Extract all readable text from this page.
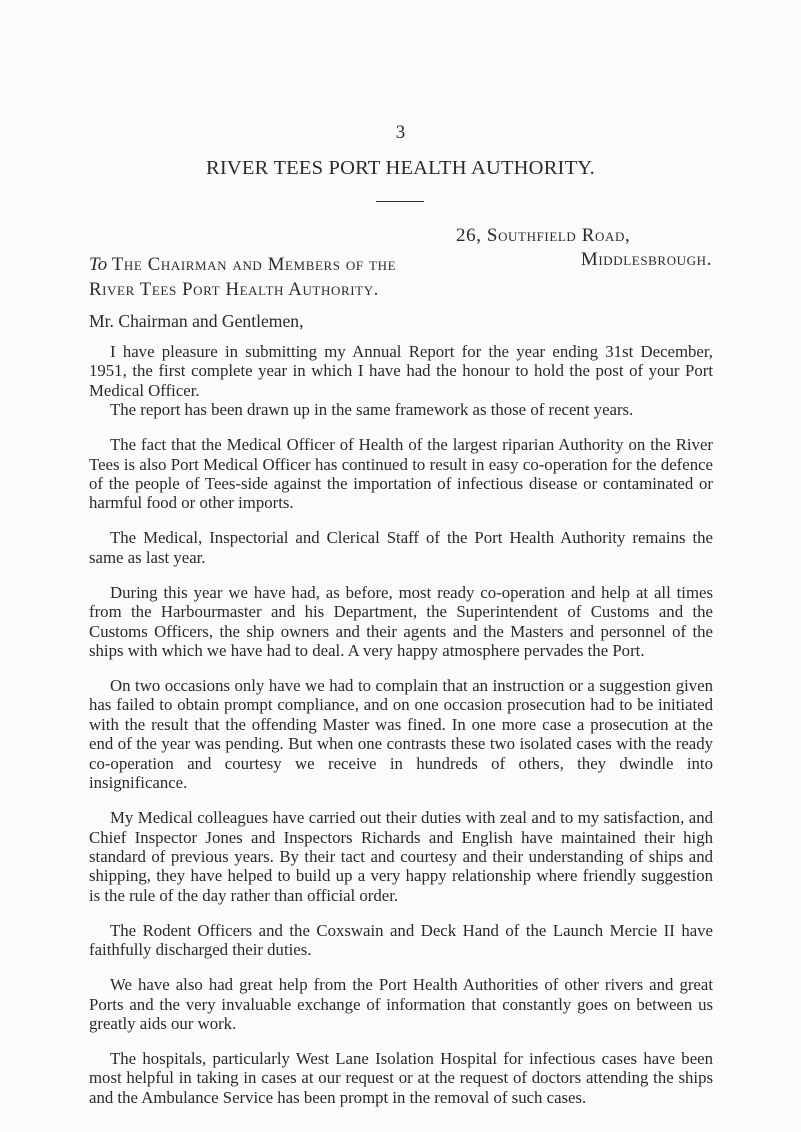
3
RIVER TEES PORT HEALTH AUTHORITY.
26, Southfield Road,
Middlesbrough.
To The Chairman and Members of the
River Tees Port Health Authority.
Mr. Chairman and Gentlemen,

I have pleasure in submitting my Annual Report for the year ending 31st December, 1951, the first complete year in which I have had the honour to hold the post of your Port Medical Officer.

The report has been drawn up in the same framework as those of recent years.

The fact that the Medical Officer of Health of the largest riparian Authority on the River Tees is also Port Medical Officer has continued to result in easy co-operation for the defence of the people of Tees-side against the importation of infectious disease or contaminated or harmful food or other imports.

The Medical, Inspectorial and Clerical Staff of the Port Health Authority remains the same as last year.

During this year we have had, as before, most ready co-operation and help at all times from the Harbourmaster and his Department, the Superintendent of Customs and the Customs Officers, the ship owners and their agents and the Masters and personnel of the ships with which we have had to deal. A very happy atmosphere pervades the Port.

On two occasions only have we had to complain that an instruction or a suggestion given has failed to obtain prompt compliance, and on one occasion prosecution had to be initiated with the result that the offending Master was fined. In one more case a prosecution at the end of the year was pending. But when one contrasts these two isolated cases with the ready co-operation and courtesy we receive in hundreds of others, they dwindle into insignificance.

My Medical colleagues have carried out their duties with zeal and to my satisfaction, and Chief Inspector Jones and Inspectors Richards and English have maintained their high standard of previous years. By their tact and courtesy and their understanding of ships and shipping, they have helped to build up a very happy relationship where friendly suggestion is the rule of the day rather than official order.

The Rodent Officers and the Coxswain and Deck Hand of the Launch Mercie II have faithfully discharged their duties.

We have also had great help from the Port Health Authorities of other rivers and great Ports and the very invaluable exchange of information that constantly goes on between us greatly aids our work.

The hospitals, particularly West Lane Isolation Hospital for infectious cases have been most helpful in taking in cases at our request or at the request of doctors attending the ships and the Ambulance Service has been prompt in the removal of such cases.
